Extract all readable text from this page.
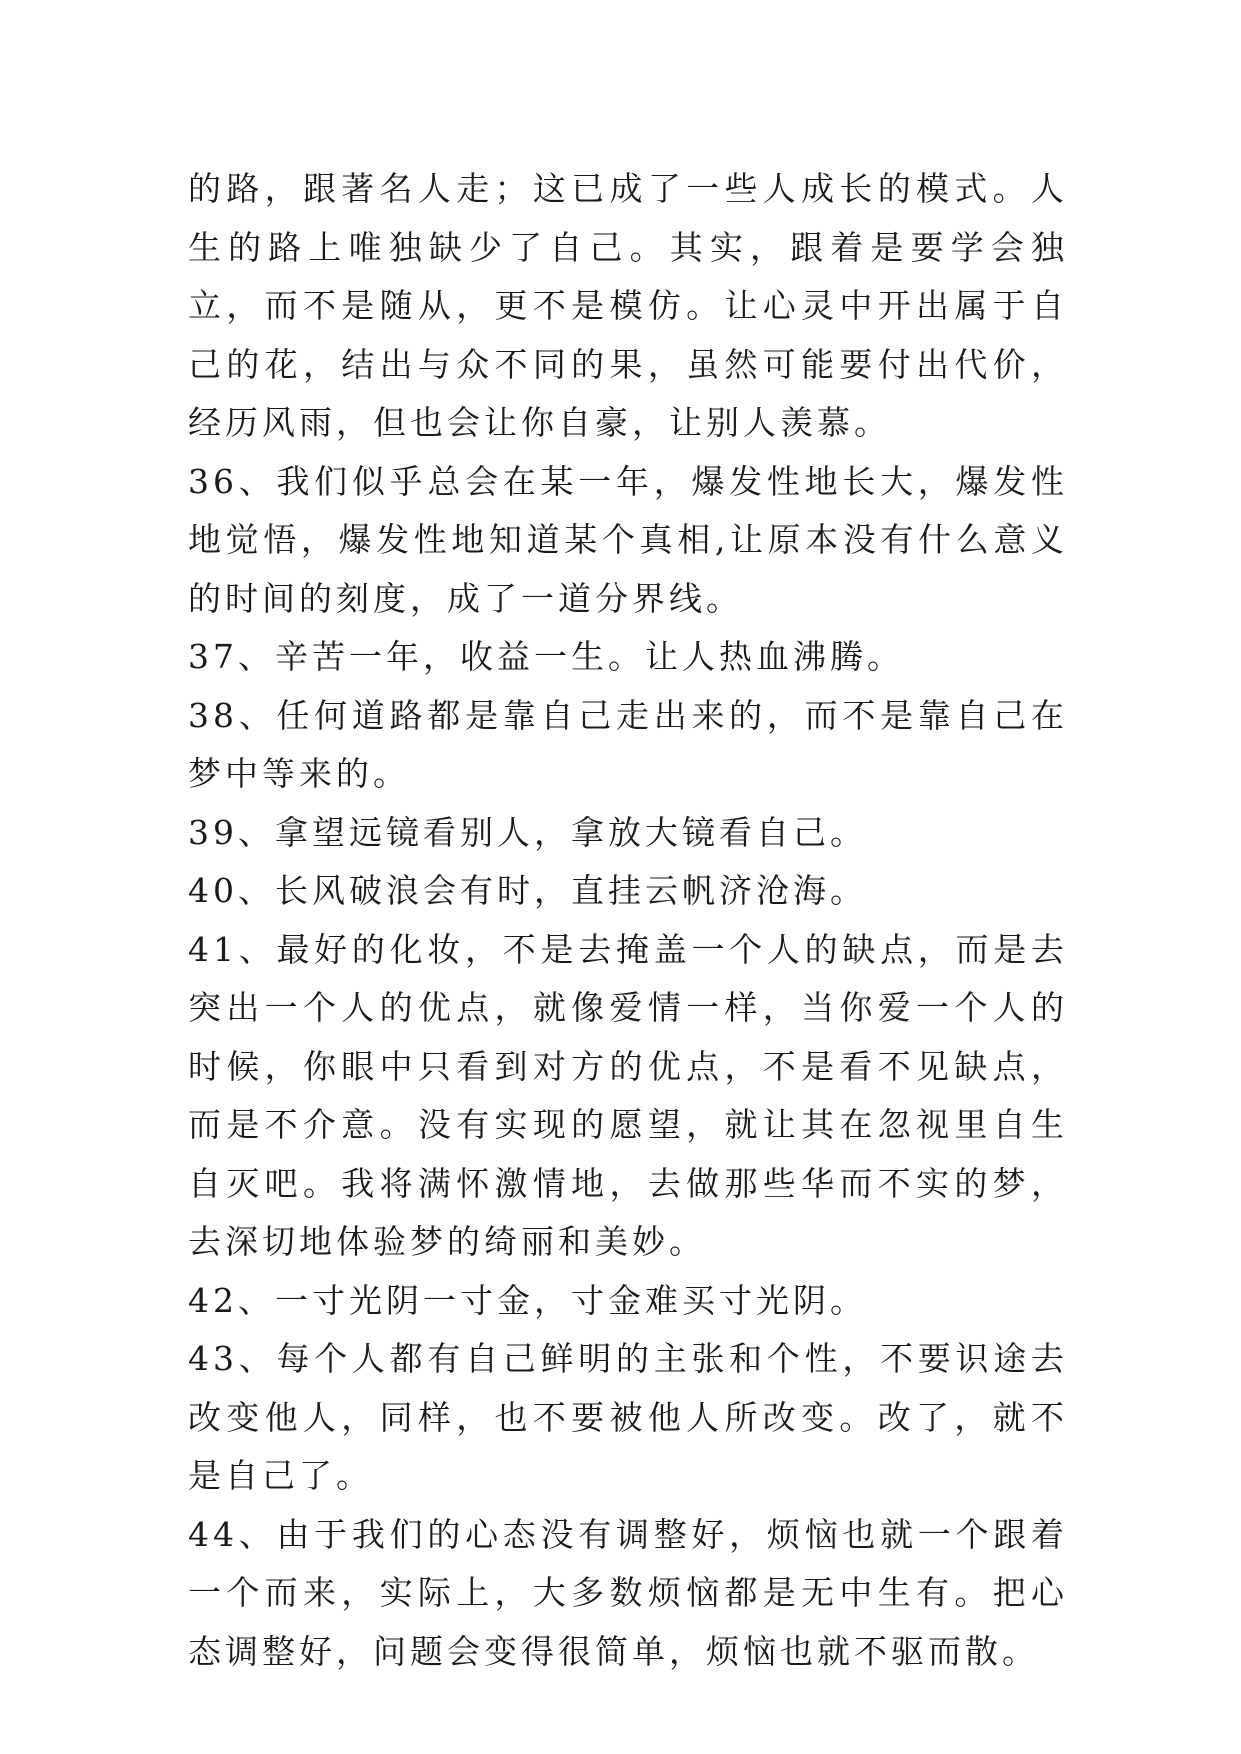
的路，跟著名人走；这已成了一些人成长的模式。人生的路上唯独缺少了自己。其实，跟着是要学会独立，而不是随从，更不是模仿。让心灵中开出属于自己的花，结出与众不同的果，虽然可能要付出代价，经历风雨，但也会让你自豪，让别人羡慕。

36、我们似乎总会在某一年，爆发性地长大，爆发性地觉悟，爆发性地知道某个真相,让原本没有什么意义的时间的刻度，成了一道分界线。

37、辛苦一年，收益一生。让人热血沸腾。

38、任何道路都是靠自己走出来的，而不是靠自己在梦中等来的。

39、拿望远镜看别人，拿放大镜看自己。

40、长风破浪会有时，直挂云帆济沧海。

41、最好的化妆，不是去掩盖一个人的缺点，而是去突出一个人的优点，就像爱情一样，当你爱一个人的时候，你眼中只看到对方的优点，不是看不见缺点，而是不介意。没有实现的愿望，就让其在忽视里自生自灭吧。我将满怀激情地，去做那些华而不实的梦，去深切地体验梦的绮丽和美妙。

42、一寸光阴一寸金，寸金难买寸光阴。

43、每个人都有自己鲜明的主张和个性，不要识途去改变他人，同样，也不要被他人所改变。改了，就不是自己了。

44、由于我们的心态没有调整好，烦恼也就一个跟着一个而来，实际上，大多数烦恼都是无中生有。把心态调整好，问题会变得很简单，烦恼也就不驱而散。
